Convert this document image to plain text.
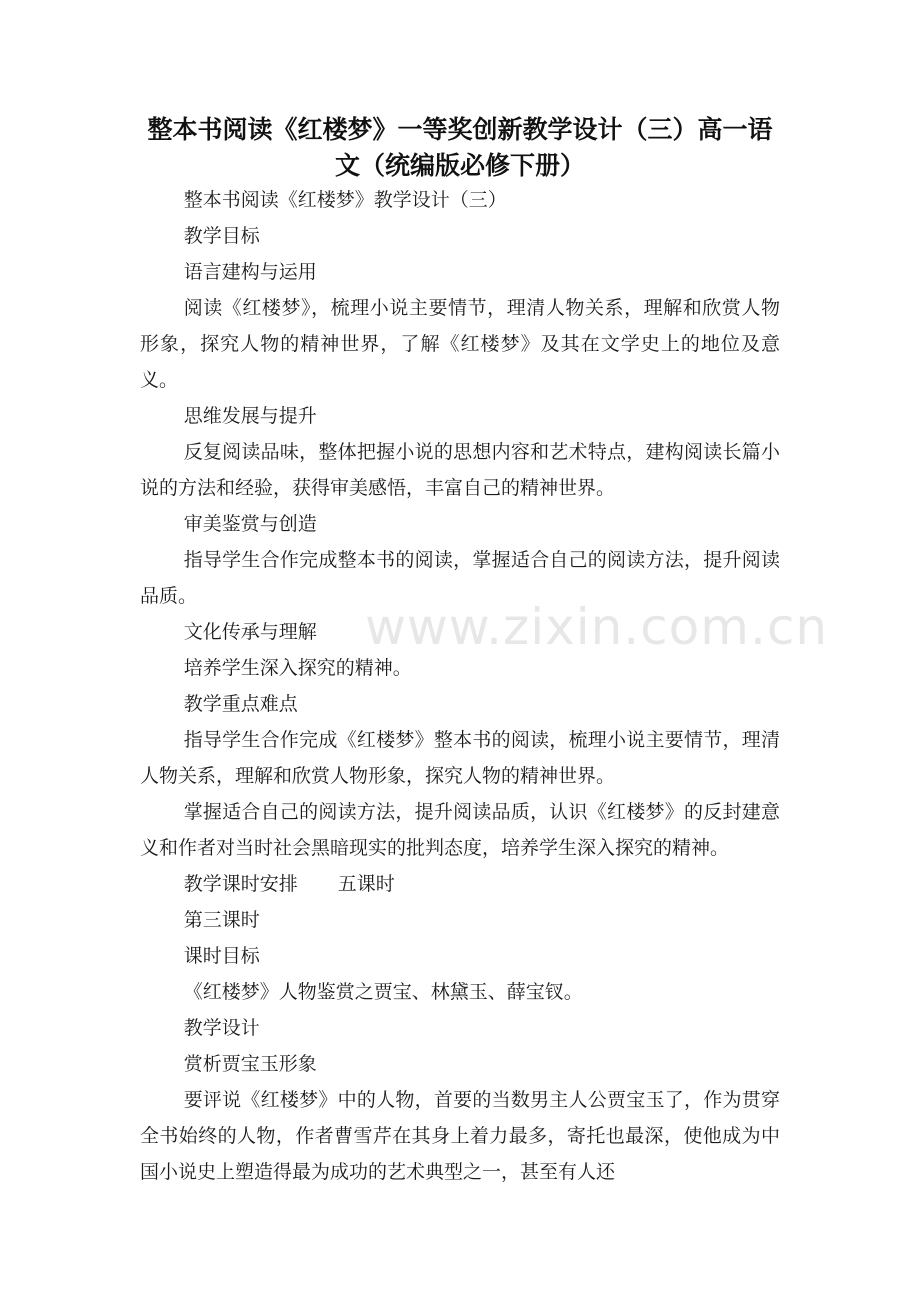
整本书阅读《红楼梦》一等奖创新教学设计（三）高一语文（统编版必修下册）

整本书阅读《红楼梦》教学设计（三）

教学目标

语言建构与运用

阅读《红楼梦》，梳理小说主要情节，理清人物关系，理解和欣赏人物形象，探究人物的精神世界，了解《红楼梦》及其在文学史上的地位及意义。

思维发展与提升

反复阅读品味，整体把握小说的思想内容和艺术特点，建构阅读长篇小说的方法和经验，获得审美感悟，丰富自己的精神世界。

审美鉴赏与创造

指导学生合作完成整本书的阅读，掌握适合自己的阅读方法，提升阅读品质。

文化传承与理解

培养学生深入探究的精神。

教学重点难点

指导学生合作完成《红楼梦》整本书的阅读，梳理小说主要情节，理清人物关系，理解和欣赏人物形象，探究人物的精神世界。

掌握适合自己的阅读方法，提升阅读品质，认识《红楼梦》的反封建意义和作者对当时社会黑暗现实的批判态度，培养学生深入探究的精神。

教学课时安排 五课时

第三课时

课时目标

《红楼梦》人物鉴赏之贾宝、林黛玉、薛宝钗。

教学设计

赏析贾宝玉形象

要评说《红楼梦》中的人物，首要的当数男主人公贾宝玉了，作为贯穿全书始终的人物，作者曹雪芹在其身上着力最多，寄托也最深，使他成为中国小说史上塑造得最为成功的艺术典型之一，甚至有人还

www.zixin.com.cn
